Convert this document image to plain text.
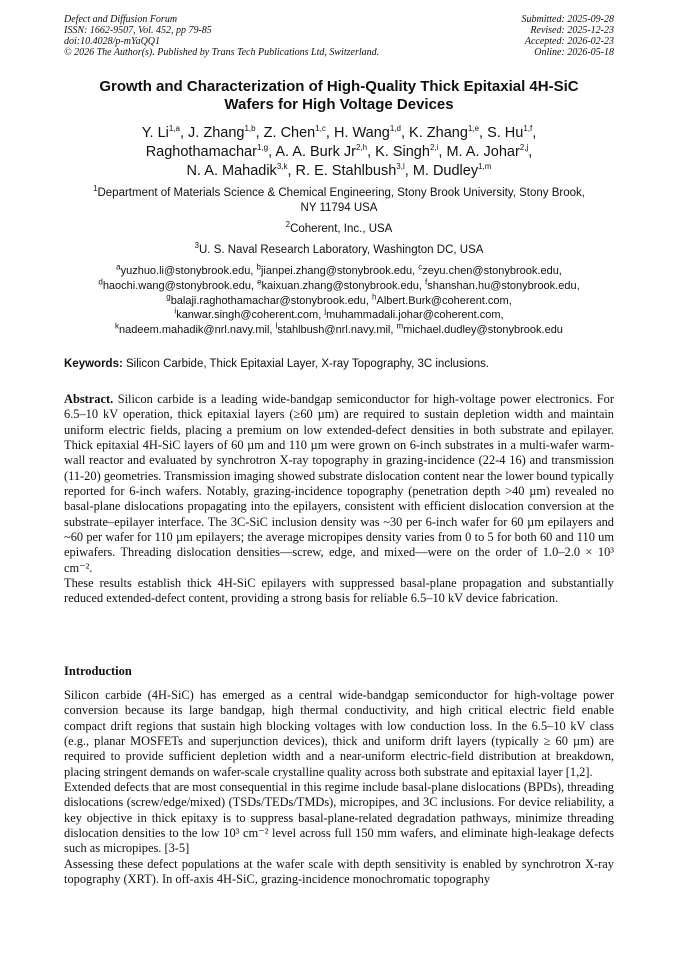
Defect and Diffusion Forum
ISSN: 1662-9507, Vol. 452, pp 79-85
doi:10.4028/p-mYaQQ1
© 2026 The Author(s). Published by Trans Tech Publications Ltd, Switzerland.
Submitted: 2025-09-28
Revised: 2025-12-23
Accepted: 2026-02-23
Online: 2026-05-18
Growth and Characterization of High-Quality Thick Epitaxial 4H-SiC
Wafers for High Voltage Devices
Y. Li$^{1,a}$, J. Zhang$^{1,b}$, Z. Chen$^{1,c}$, H. Wang$^{1,d}$, K. Zhang$^{1,e}$, S. Hu$^{1,f}$,
Raghothamachar$^{1,g}$, A. A. Burk Jr$^{2,h}$, K. Singh$^{2,i}$, M. A. Johar$^{2,j}$,
N. A. Mahadik$^{3,k}$, R. E. Stahlbush$^{3,l}$, M. Dudley$^{1,m}$
$^1$Department of Materials Science & Chemical Engineering, Stony Brook University, Stony Brook,
NY 11794 USA
$^2$Coherent, Inc., USA
$^3$U. S. Naval Research Laboratory, Washington DC, USA
$^a$yuzhuo.li@stonybrook.edu, $^b$jianpei.zhang@stonybrook.edu, $^c$zeyu.chen@stonybrook.edu,
$^d$haochi.wang@stonybrook.edu, $^e$kaixuan.zhang@stonybrook.edu, $^f$shanshan.hu@stonybrook.edu,
$^g$balaji.raghothamachar@stonybrook.edu, $^h$Albert.Burk@coherent.com,
$^i$kanwar.singh@coherent.com, $^j$muhammadali.johar@coherent.com,
$^k$nadeem.mahadik@nrl.navy.mil, $^l$stahlbush@nrl.navy.mil, $^m$michael.dudley@stonybrook.edu
Keywords: Silicon Carbide, Thick Epitaxial Layer, X-ray Topography, 3C inclusions.

Abstract. Silicon carbide is a leading wide-bandgap semiconductor for high-voltage power electronics. For 6.5–10 kV operation, thick epitaxial layers (≥60 µm) are required to sustain depletion width and maintain uniform electric fields, placing a premium on low extended-defect densities in both substrate and epilayer. Thick epitaxial 4H-SiC layers of 60 µm and 110 µm were grown on 6-inch substrates in a multi-wafer warm-wall reactor and evaluated by synchrotron X-ray topography in grazing-incidence (22-4 16) and transmission (11-20) geometries. Transmission imaging showed substrate dislocation content near the lower bound typically reported for 6-inch wafers. Notably, grazing-incidence topography (penetration depth >40 µm) revealed no basal-plane dislocations propagating into the epilayers, consistent with efficient dislocation conversion at the substrate–epilayer interface. The 3C-SiC inclusion density was ~30 per 6-inch wafer for 60 µm epilayers and ~60 per wafer for 110 µm epilayers; the average micropipes density varies from 0 to 5 for both 60 and 110 um epiwafers. Threading dislocation densities—screw, edge, and mixed—were on the order of 1.0–2.0 × 10³ cm⁻².

These results establish thick 4H-SiC epilayers with suppressed basal-plane propagation and substantially reduced extended-defect content, providing a strong basis for reliable 6.5–10 kV device fabrication.

Introduction

Silicon carbide (4H-SiC) has emerged as a central wide-bandgap semiconductor for high-voltage power conversion because its large bandgap, high thermal conductivity, and high critical electric field enable compact drift regions that sustain high blocking voltages with low conduction loss. In the 6.5–10 kV class (e.g., planar MOSFETs and superjunction devices), thick and uniform drift layers (typically ≥ 60 µm) are required to provide sufficient depletion width and a near-uniform electric-field distribution at breakdown, placing stringent demands on wafer-scale crystalline quality across both substrate and epitaxial layer [1,2].

Extended defects that are most consequential in this regime include basal-plane dislocations (BPDs), threading dislocations (screw/edge/mixed) (TSDs/TEDs/TMDs), micropipes, and 3C inclusions. For device reliability, a key objective in thick epitaxy is to suppress basal-plane-related degradation pathways, minimize threading dislocation densities to the low 10³ cm⁻² level across full 150 mm wafers, and eliminate high-leakage defects such as micropipes. [3-5]

Assessing these defect populations at the wafer scale with depth sensitivity is enabled by synchrotron X-ray topography (XRT). In off-axis 4H-SiC, grazing-incidence monochromatic topography
